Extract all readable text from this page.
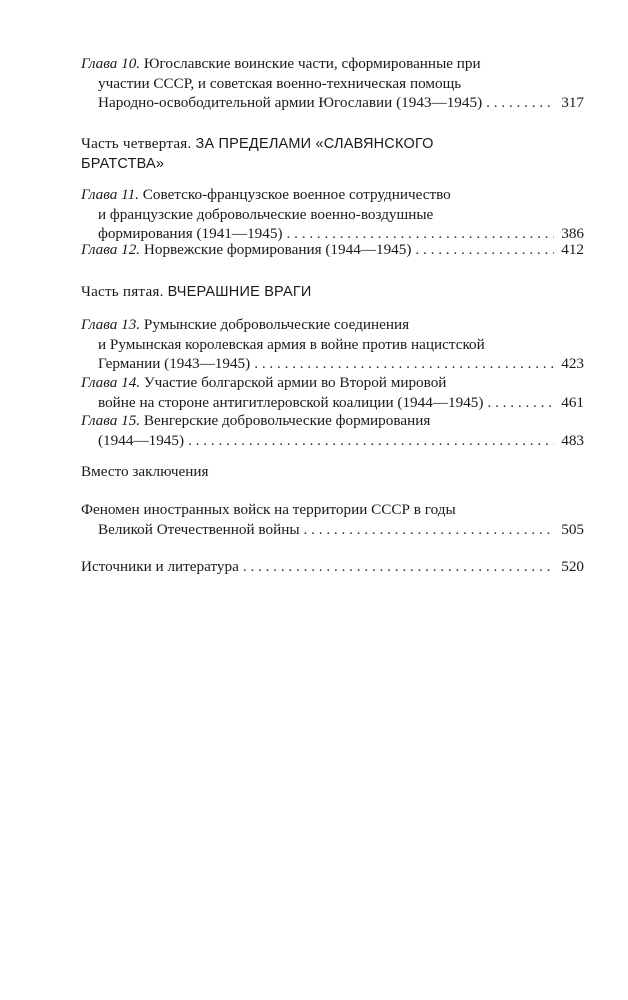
Глава 10. Югославские воинские части, сформированные при
участии СССР, и советская военно-техническая помощь
Народно-освободительной армии Югославии (1943—1945) . . .	317
Часть четвертая. ЗА ПРЕДЕЛАМИ «СЛАВЯНСКОГО
БРАТСТВА»
Глава 11. Советско-французское военное сотрудничество
и французские добровольческие военно-воздушные
формирования (1941—1945) . . .	386
Глава 12. Норвежские формирования (1944—1945) . . .	412
Часть пятая. ВЧЕРАШНИЕ ВРАГИ
Глава 13. Румынские добровольческие соединения
и Румынская королевская армия в войне против нацистской
Германии (1943—1945) . . .	423
Глава 14. Участие болгарской армии во Второй мировой
войне на стороне антигитлеровской коалиции (1944—1945) . . .	461
Глава 15. Венгерские добровольческие формирования
(1944—1945) . . .	483
Вместо заключения
Феномен иностранных войск на территории СССР в годы
Великой Отечественной войны . . .	505
Источники и литература . . .	520
